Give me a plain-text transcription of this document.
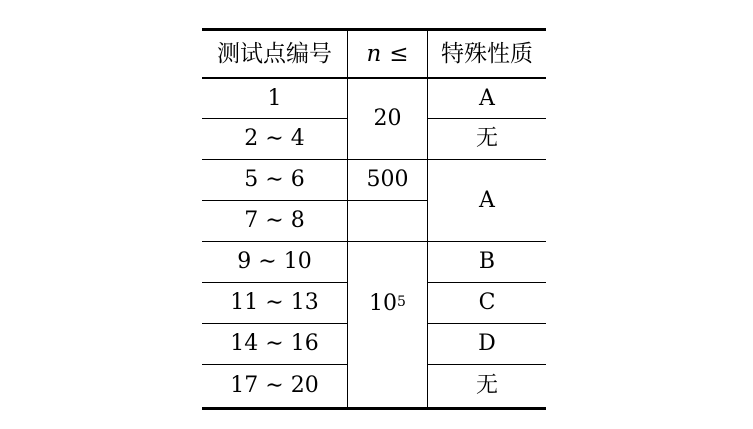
测试点编号	n ≤	特殊性质
1
2 ∼ 4
5 ∼ 6
7 ∼ 8
9 ∼ 10
11 ∼ 13
14 ∼ 16
17 ∼ 20
20
500
$10^5$
A
无
A
B
C
D
无
